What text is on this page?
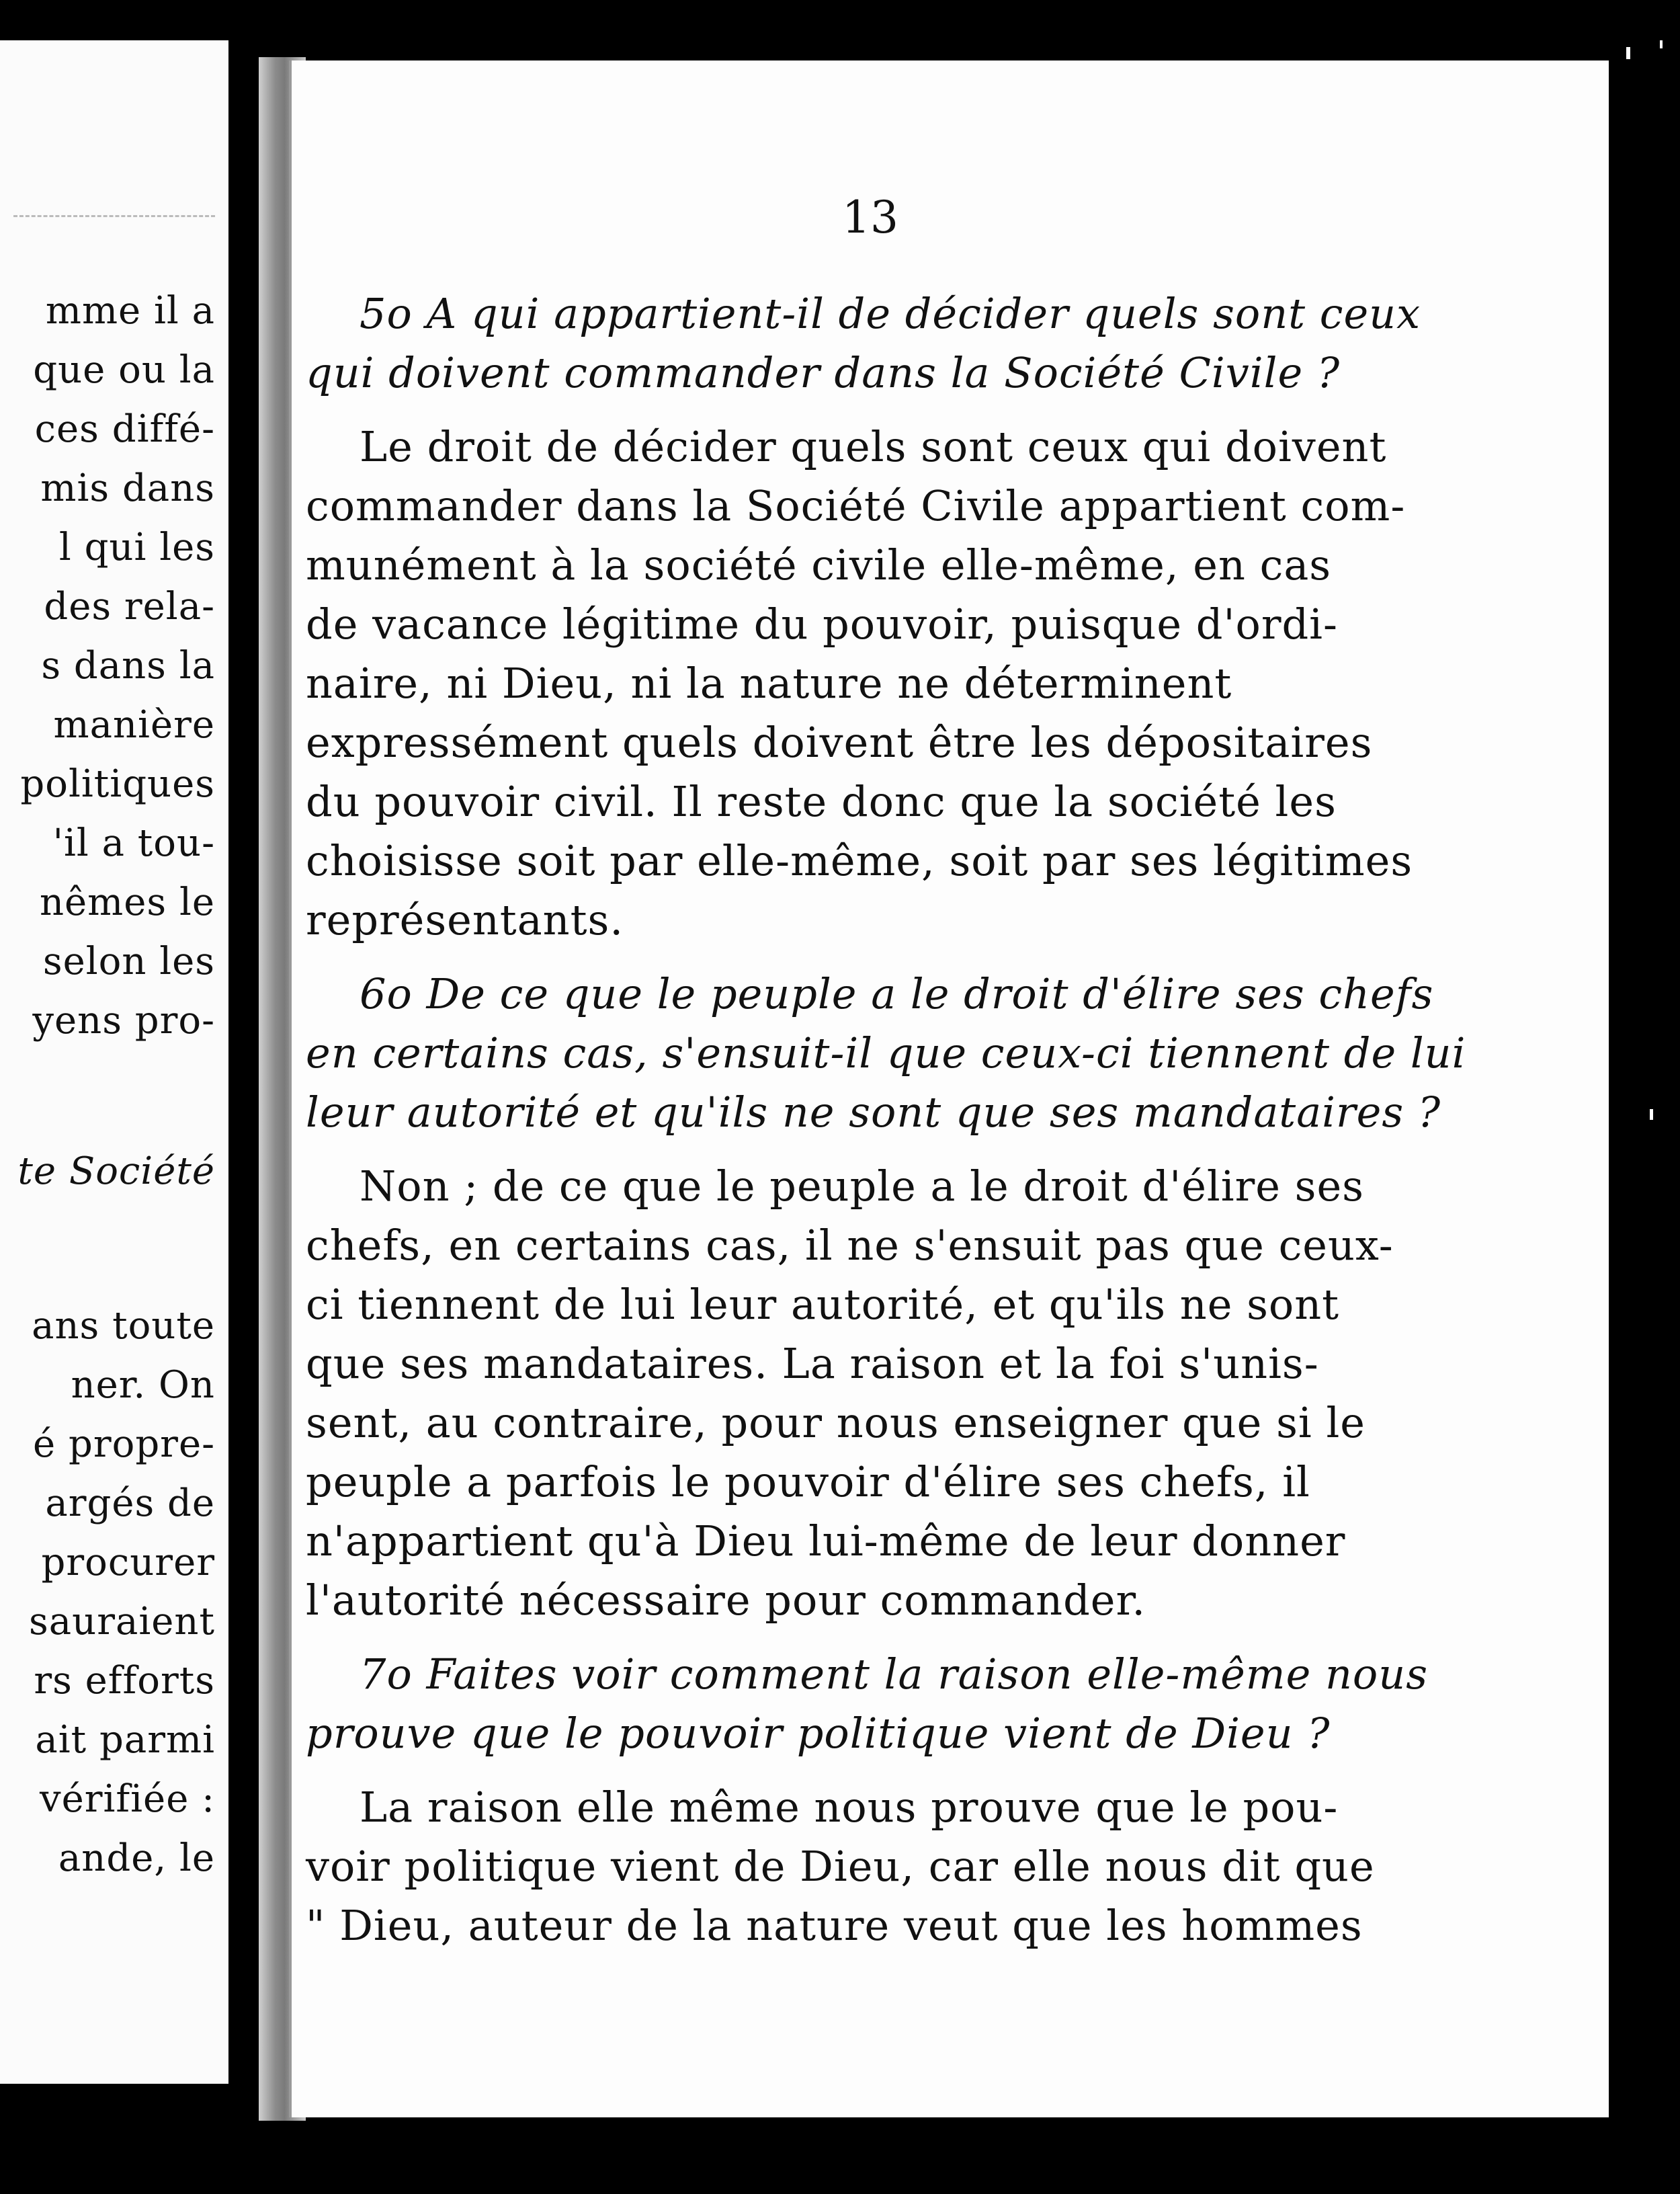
mme il a
que ou la
ces diffé-
mis dans
l qui les
des rela-
s dans la
manière
politiques
'il a tou-
nêmes le
selon les
yens pro-
te Société
ans toute
ner. On
é propre-
argés de
procurer
sauraient
rs efforts
ait parmi
vérifiée :
ande, le
13
5o A qui appartient-il de décider quels sont ceux
qui doivent commander dans la Société Civile ?
Le droit de décider quels sont ceux qui doivent
commander dans la Société Civile appartient com-
munément à la société civile elle-même, en cas
de vacance légitime du pouvoir, puisque d'ordi-
naire, ni Dieu, ni la nature ne déterminent
expressément quels doivent être les dépositaires
du pouvoir civil. Il reste donc que la société les
choisisse soit par elle-même, soit par ses légitimes
représentants.
6o De ce que le peuple a le droit d'élire ses chefs
en certains cas, s'ensuit-il que ceux-ci tiennent de lui
leur autorité et qu'ils ne sont que ses mandataires ?
Non ; de ce que le peuple a le droit d'élire ses
chefs, en certains cas, il ne s'ensuit pas que ceux-
ci tiennent de lui leur autorité, et qu'ils ne sont
que ses mandataires. La raison et la foi s'unis-
sent, au contraire, pour nous enseigner que si le
peuple a parfois le pouvoir d'élire ses chefs, il
n'appartient qu'à Dieu lui-même de leur donner
l'autorité nécessaire pour commander.
7o Faites voir comment la raison elle-même nous
prouve que le pouvoir politique vient de Dieu ?
La raison elle même nous prouve que le pou-
voir politique vient de Dieu, car elle nous dit que
" Dieu, auteur de la nature veut que les hommes
